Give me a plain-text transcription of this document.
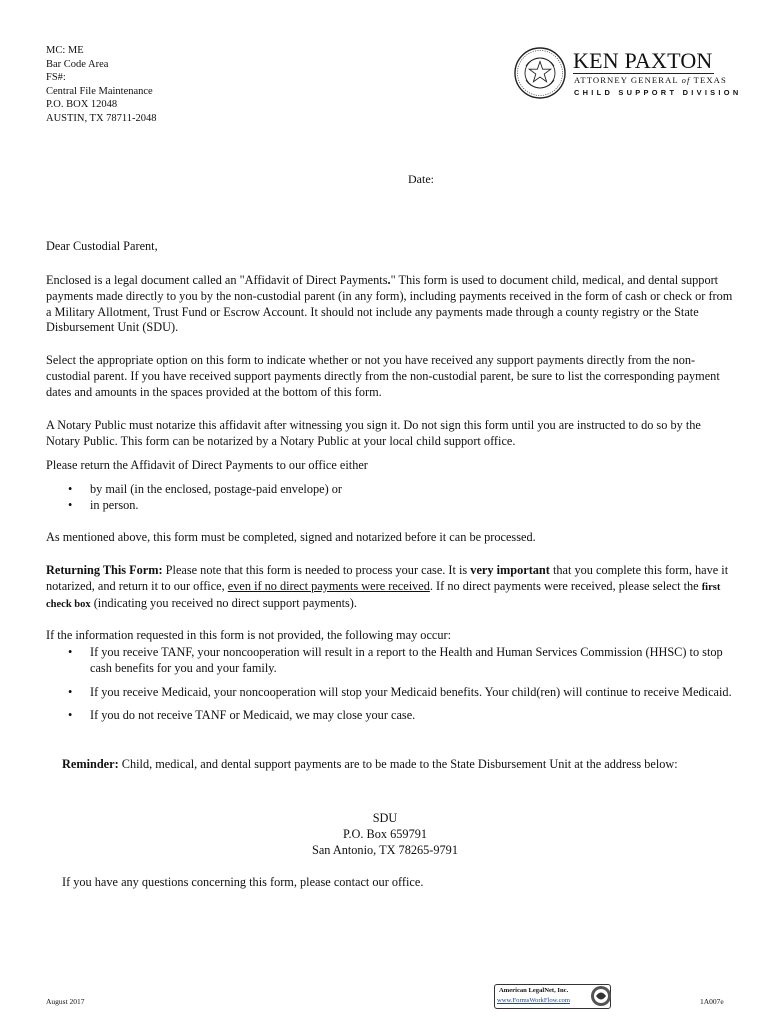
MC: ME
Bar Code Area
FS#:
Central File Maintenance
P.O. BOX 12048
AUSTIN, TX 78711-2048
KEN PAXTON
ATTORNEY GENERAL of TEXAS
CHILD SUPPORT DIVISION
Date:
Dear Custodial Parent,

Enclosed is a legal document called an "Affidavit of Direct Payments." This form is used to document child, medical, and dental support payments made directly to you by the non-custodial parent (in any form), including payments received in the form of cash or check or from a Military Allotment, Trust Fund or Escrow Account. It should not include any payments made through a county registry or the State Disbursement Unit (SDU).

Select the appropriate option on this form to indicate whether or not you have received any support payments directly from the non-custodial parent. If you have received support payments directly from the non-custodial parent, be sure to list the corresponding payment dates and amounts in the spaces provided at the bottom of this form.
A Notary Public must notarize this affidavit after witnessing you sign it. Do not sign this form until you are instructed to do so by the Notary Public. This form can be notarized by a Notary Public at your local child support office.
Please return the Affidavit of Direct Payments to our office either
• by mail (in the enclosed, postage-paid envelope) or
• in person.
As mentioned above, this form must be completed, signed and notarized before it can be processed.

Returning This Form: Please note that this form is needed to process your case. It is very important that you complete this form, have it notarized, and return it to our office, even if no direct payments were received. If no direct payments were received, please select the first check box (indicating you received no direct support payments).

If the information requested in this form is not provided, the following may occur:
• If you receive TANF, your noncooperation will result in a report to the Health and Human Services Commission (HHSC) to stop cash benefits for you and your family.
• If you receive Medicaid, your noncooperation will stop your Medicaid benefits. Your child(ren) will continue to receive Medicaid.
• If you do not receive TANF or Medicaid, we may close your case.

Reminder: Child, medical, and dental support payments are to be made to the State Disbursement Unit at the address below:

SDU
P.O. Box 659791
San Antonio, TX 78265-9791
If you have any questions concerning this form, please contact our office.
August 2017
American LegalNet, Inc.
www.FormsWorkFlow.com	1A007e
